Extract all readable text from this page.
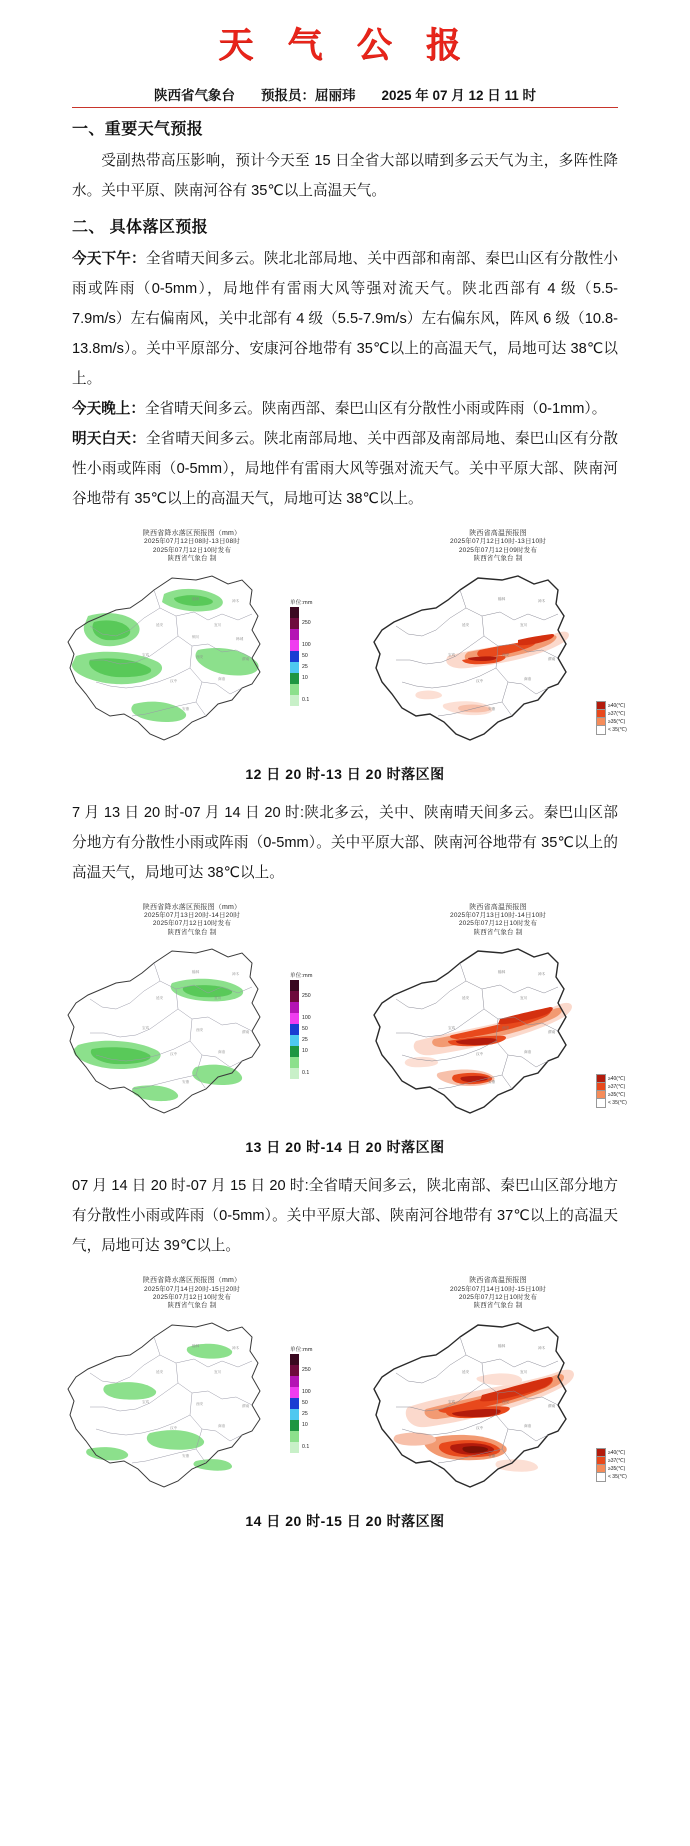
天 气 公 报
陕西省气象台 预报员：屈丽玮 2025 年 07 月 12 日 11 时
一、重要天气预报

受副热带高压影响，预计今天至 15 日全省大部以晴到多云天气为主，多阵性降水。关中平原、陕南河谷有 35℃以上高温天气。

二、 具体落区预报

今天下午：全省晴天间多云。陕北北部局地、关中西部和南部、秦巴山区有分散性小雨或阵雨（0-5mm），局地伴有雷雨大风等强对流天气。陕北西部有 4 级（5.5-7.9m/s）左右偏南风，关中北部有 4 级（5.5-7.9m/s）左右偏东风，阵风 6 级（10.8-13.8m/s）。关中平原部分、安康河谷地带有 35℃以上的高温天气，局地可达 38℃以上。

今天晚上：全省晴天间多云。陕南西部、秦巴山区有分散性小雨或阵雨（0-1mm）。

明天白天：全省晴天间多云。陕北南部局地、关中西部及南部局地、秦巴山区有分散性小雨或阵雨（0-5mm），局地伴有雷雨大风等强对流天气。关中平原大部、陕南河谷地带有 35℃以上的高温天气，局地可达 38℃以上。

陕西省降水落区预报图（mm）
2025年07月12日08时-13日08时
2025年07月12日10时发布
陕西省气象台 制
榆林	神木
延安	宜川
铜川	韩城
宝鸡	西安	渭南
汉中	商洛
安康
单位:mm
250
100
50
25
10
0.1
陕西省高温预报图
2025年07月12日10时-13日10时
2025年07月12日09时发布
陕西省气象台 制
榆林	神木
延安	宜川
宝鸡	西安
渭南
汉中	商洛
安康	≥40(℃)
≥37(℃)
≥35(℃)
< 35(℃)
12 日 20 时-13 日 20 时落区图

7 月 13 日 20 时-07 月 14 日 20 时:陕北多云，关中、陕南晴天间多云。秦巴山区部分地方有分散性小雨或阵雨（0-5mm）。关中平原大部、陕南河谷地带有 35℃以上的高温天气，局地可达 38℃以上。

陕西省降水落区预报图（mm）
2025年07月13日20时-14日20时
2025年07月12日10时发布
陕西省气象台 制
榆林	神木
延安	宜川
宝鸡	西安	渭南
汉中	商洛
安康
单位:mm
250
100
50
25
10
0.1
陕西省高温预报图
2025年07月13日10时-14日10时
2025年07月12日10时发布
陕西省气象台 制
榆林	神木
延安	宜川
宝鸡	西安
渭南
汉中	商洛
安康	≥40(℃)
≥37(℃)
≥35(℃)
< 35(℃)
13 日 20 时-14 日 20 时落区图

07 月 14 日 20 时-07 月 15 日 20 时:全省晴天间多云，陕北南部、秦巴山区部分地方有分散性小雨或阵雨（0-5mm）。关中平原大部、陕南河谷地带有 37℃以上的高温天气，局地可达 39℃以上。

陕西省降水落区预报图（mm）
2025年07月14日20时-15日20时
2025年07月12日10时发布
陕西省气象台 制
榆林	神木
延安	宜川
宝鸡	西安	渭南
汉中	商洛
安康
单位:mm
250
100
50
25
10
0.1
陕西省高温预报图
2025年07月14日10时-15日10时
2025年07月12日10时发布
陕西省气象台 制
榆林	神木
延安	宜川
宝鸡	西安
渭南
汉中	商洛
安康	≥40(℃)
≥37(℃)
≥35(℃)
< 35(℃)
14 日 20 时-15 日 20 时落区图
